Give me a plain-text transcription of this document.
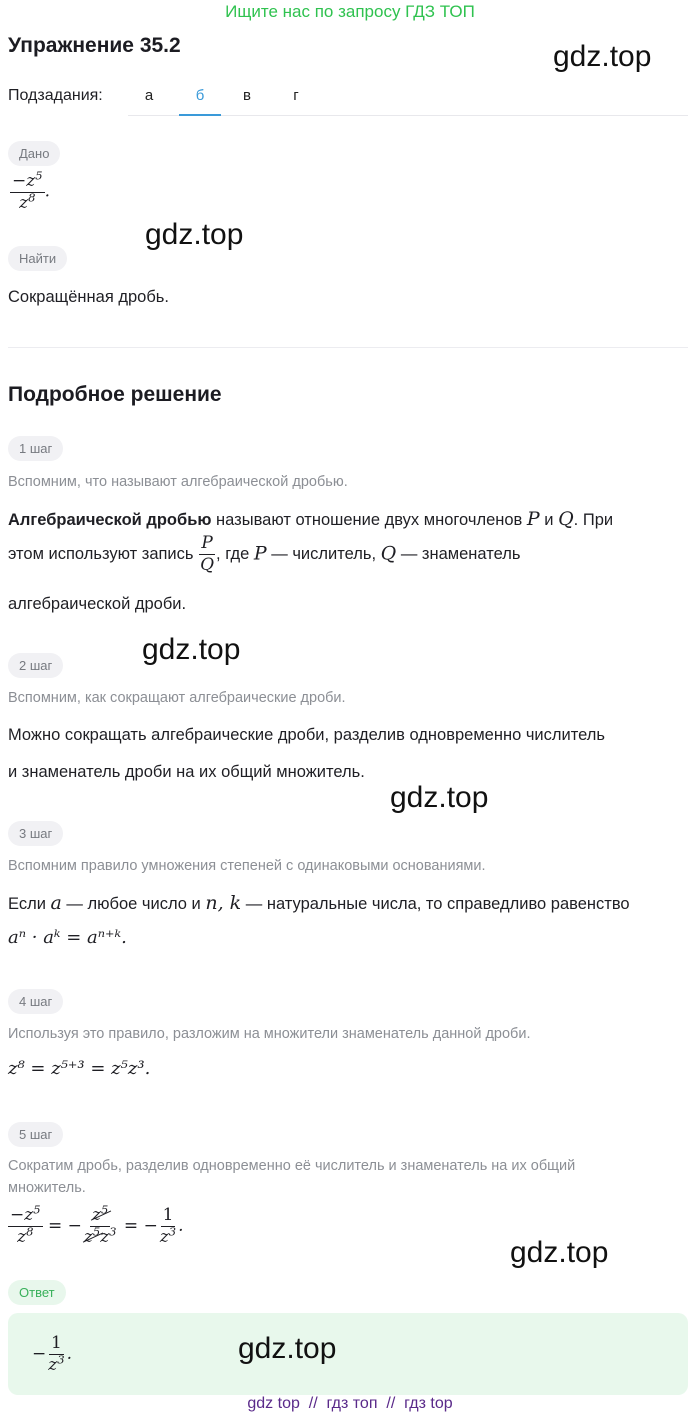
Ищите нас по запросу ГДЗ ТОП
Упражнение 35.2	gdz.top
gdz.top
gdz.top
gdz.top
gdz.top
gdz.top
Подзадания:	а	б	в	г
Дано
$\frac{-z^5}{z^8}$ .
Найти
Сокращённая дробь.
Подробное решение
1 шаг
Вспомним, что называют алгебраической дробью.
Алгебраической дробью называют отношение двух многочленов P и Q. При
этом используют запись $\frac{P}{Q}$ , где P — числитель, Q — знаменатель
алгебраической дроби.
2 шаг
Вспомним, как сокращают алгебраические дроби.
Можно сокращать алгебраические дроби, разделив одновременно числитель
и знаменатель дроби на их общий множитель.
3 шаг
Вспомним правило умножения степеней с одинаковыми основаниями.
Если a — любое число и n, k — натуральные числа, то справедливо равенство
aⁿ · aᵏ = aⁿ⁺ᵏ.
4 шаг
Используя это правило, разложим на множители знаменатель данной дроби.
z⁸ = z⁵⁺³ = z⁵z³.
5 шаг
Сократим дробь, разделив одновременно её числитель и знаменатель на их общий
множитель.
$\frac{-z^5}{z^8}$ = − $\frac{z^5}{z^5z^3}$ = − $\frac{1}{z^3}$ .
Ответ
− $\frac{1}{z^3}$ .
gdz top  //  гдз топ  //  гдз top
